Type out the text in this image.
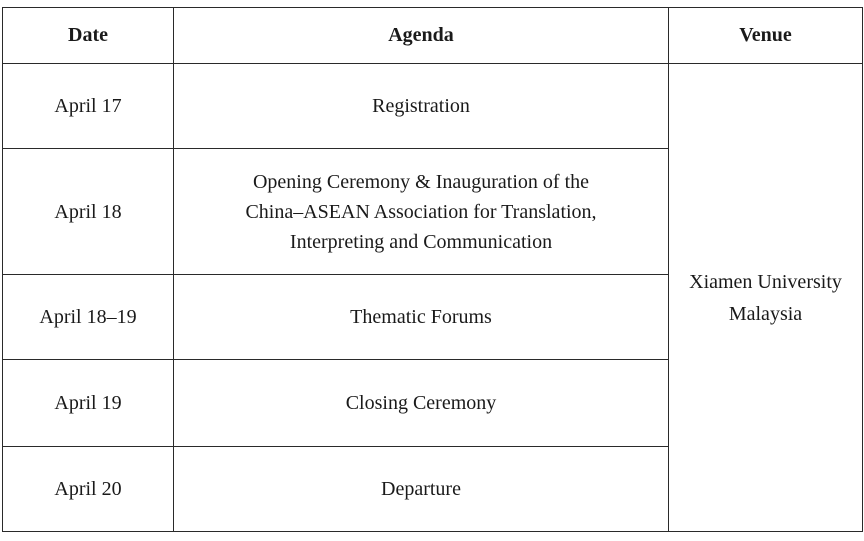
Date	Agenda	Venue
April 17	Registration	Xiamen University
Malaysia

April 18	Opening Ceremony & Inauguration of the
China–ASEAN Association for Translation,
Interpreting and Communication	

April 18–19	Thematic Forums	

April 19	Closing Ceremony	

April 20	Departure	
